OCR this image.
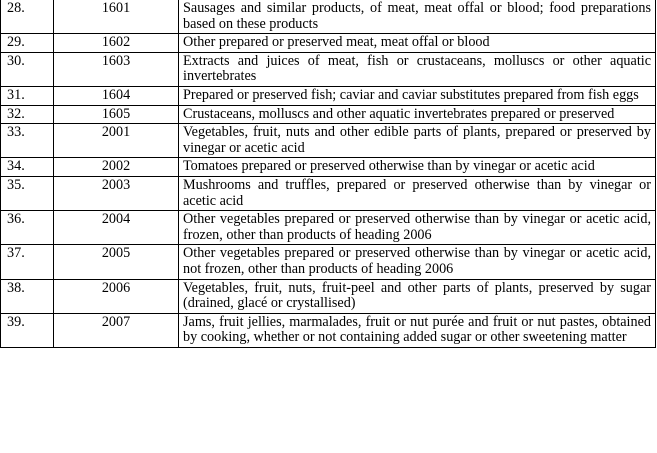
28.	1601	Sausages and similar products, of meat, meat offal or blood; food preparations based on these products
29.	1602	Other prepared or preserved meat, meat offal or blood
30.	1603	Extracts and juices of meat, fish or crustaceans, molluscs or other aquatic invertebrates
31.	1604	Prepared or preserved fish; caviar and caviar substitutes prepared from fish eggs
32.	1605	Crustaceans, molluscs and other aquatic invertebrates prepared or preserved
33.	2001	Vegetables, fruit, nuts and other edible parts of plants, prepared or preserved by vinegar or acetic acid
34.	2002	Tomatoes prepared or preserved otherwise than by vinegar or acetic acid
35.	2003	Mushrooms and truffles, prepared or preserved otherwise than by vinegar or acetic acid
36.	2004	Other vegetables prepared or preserved otherwise than by vinegar or acetic acid, frozen, other than products of heading 2006
37.	2005	Other vegetables prepared or preserved otherwise than by vinegar or acetic acid, not frozen, other than products of heading 2006
38.	2006	Vegetables, fruit, nuts, fruit-peel and other parts of plants, preserved by sugar (drained, glacé or crystallised)
39.	2007	Jams, fruit jellies, marmalades, fruit or nut purée and fruit or nut pastes, obtained by cooking, whether or not containing added sugar or other sweetening matter
